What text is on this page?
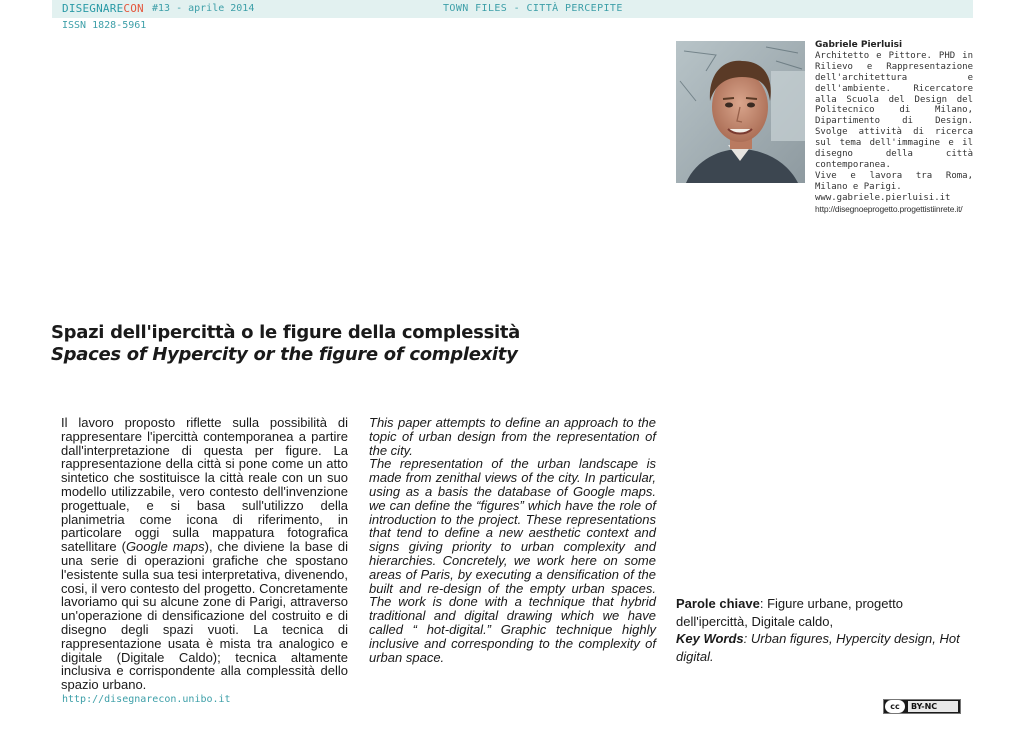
DISEGNARECON #13 - aprile 2014	TOWN FILES - CITTÀ PERCEPITE
ISSN 1828-5961
Gabriele Pierluisi
Architetto e Pittore. PHD in Rilievo e Rappresentazione dell'architettura e dell'ambiente. Ricercatore alla Scuola del Design del Politecnico di Milano, Dipartimento di Design. Svolge attività di ricerca sul tema dell'immagine e il disegno della città contemporanea.
Vive e lavora tra Roma, Milano e Parigi.
www.gabriele.pierluisi.it
http://disegnoeprogetto.progettistiinrete.it/
Spazi dell'ipercittà o le figure della complessità
Spaces of Hypercity or the figure of complexity

Il lavoro proposto riflette sulla possibilità di rappresentare l'ipercittà contemporanea a partire dall'interpretazione di questa per figure. La rappresentazione della città si pone come un atto sintetico che sostituisce la città reale con un suo modello utilizzabile, vero contesto dell'invenzione progettuale, e si basa sull'utilizzo della planimetria come icona di riferimento, in particolare oggi sulla mappatura fotografica satellitare (Google maps), che diviene la base di una serie di operazioni grafiche che spostano l'esistente sulla sua tesi interpretativa, divenendo, cosi, il vero contesto del progetto. Concretamente lavoriamo qui su alcune zone di Parigi, attraverso un'operazione di densificazione del costruito e di disegno degli spazi vuoti. La tecnica di rappresentazione usata è mista tra analogico e digitale (Digitale Caldo); tecnica altamente inclusiva e corrispondente alla complessità dello spazio urbano.

This paper attempts to define an approach to the topic of urban design from the representation of the city.

The representation of the urban landscape is made from zenithal views of the city. In particular, using as a basis the database of Google maps. we can define the “figures” which have the role of introduction to the project. These representations that tend to define a new aesthetic context and signs giving priority to urban complexity and hierarchies. Concretely, we work here on some areas of Paris, by executing a densification of the built and re-design of the empty urban spaces. The work is done with a technique that hybrid traditional and digital drawing which we have called “ hot-digital.” Graphic technique highly inclusive and corresponding to the complexity of urban space.

Parole chiave: Figure urbane, progetto dell'ipercittà, Digitale caldo,
Key Words: Urban figures, Hypercity design, Hot digital.
http://disegnarecon.unibo.it
cc	BY-NC
